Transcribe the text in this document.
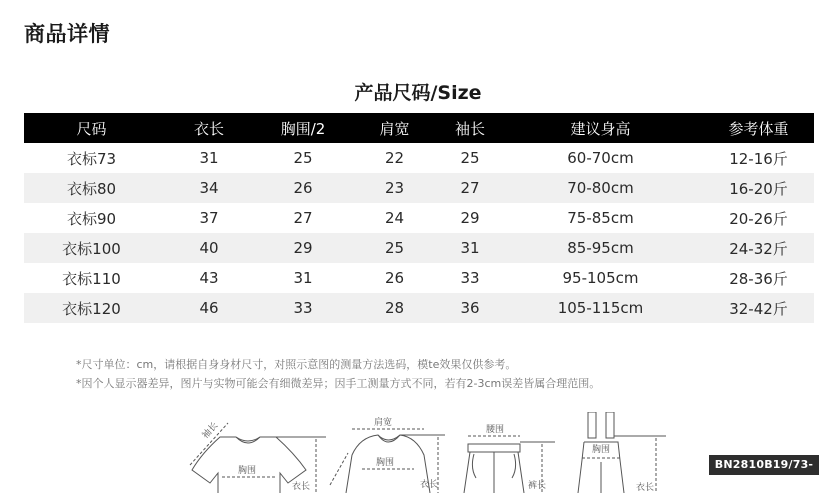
商品详情
产品尺码/Size
尺码	衣长	胸围/2	肩宽	袖长	建议身高	参考体重
衣标73	31	25	22	25	60-70cm	12-16斤
衣标80	34	26	23	27	70-80cm	16-20斤
衣标90	37	27	24	29	75-85cm	20-26斤
衣标100	40	29	25	31	85-95cm	24-32斤
衣标110	43	31	26	33	95-105cm	28-36斤
衣标120	46	33	28	36	105-115cm	32-42斤
*尺寸单位：cm，请根据自身身材尺寸，对照示意图的测量方法选码，模te效果仅供参考。
*因个人显示器差异，图片与实物可能会有细微差异；因手工测量方式不同，若有2-3cm误差皆属合理范围。
袖长
胸围
衣长
肩宽
胸围
衣长
腰围
裤长
胸围
衣长
BN2810B19/73-120
